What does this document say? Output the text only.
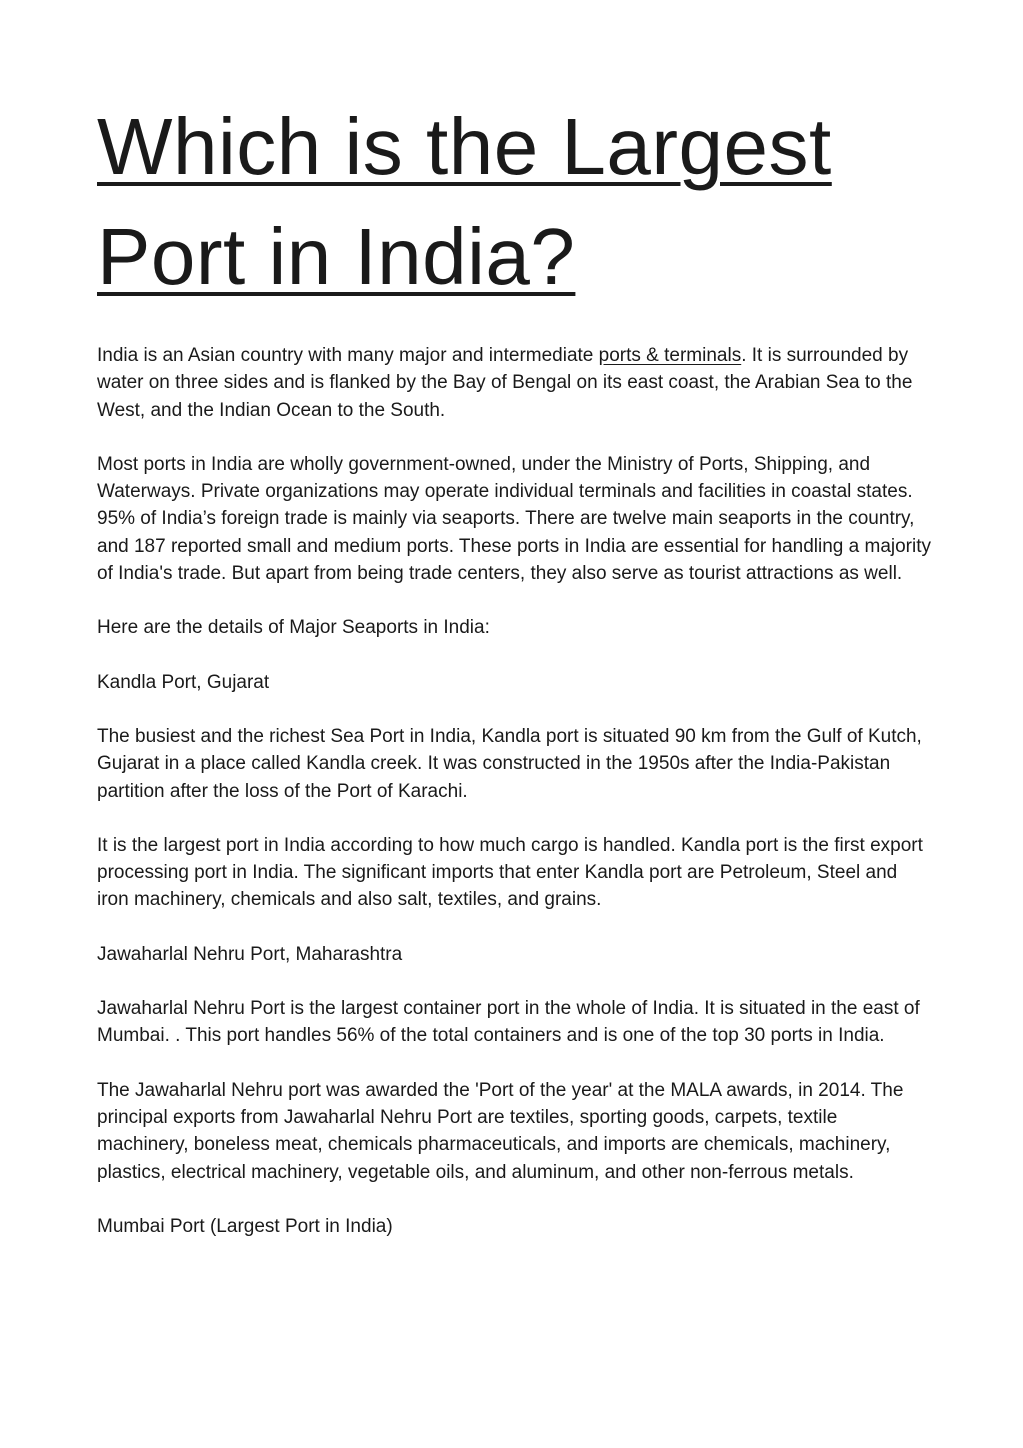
Which is the Largest
Port in India?

India is an Asian country with many major and intermediate ports & terminals. It is surrounded by water on three sides and is flanked by the Bay of Bengal on its east coast, the Arabian Sea to the West, and the Indian Ocean to the South.

Most ports in India are wholly government-owned, under the Ministry of Ports, Shipping, and Waterways. Private organizations may operate individual terminals and facilities in coastal states. 95% of India’s foreign trade is mainly via seaports. There are twelve main seaports in the country, and 187 reported small and medium ports. These ports in India are essential for handling a majority of India's trade. But apart from being trade centers, they also serve as tourist attractions as well.

Here are the details of Major Seaports in India:

Kandla Port, Gujarat

The busiest and the richest Sea Port in India, Kandla port is situated 90 km from the Gulf of Kutch, Gujarat in a place called Kandla creek. It was constructed in the 1950s after the India-Pakistan partition after the loss of the Port of Karachi.

It is the largest port in India according to how much cargo is handled. Kandla port is the first export processing port in India. The significant imports that enter Kandla port are Petroleum, Steel and iron machinery, chemicals and also salt, textiles, and grains.

Jawaharlal Nehru Port, Maharashtra

Jawaharlal Nehru Port is the largest container port in the whole of India. It is situated in the east of Mumbai. . This port handles 56% of the total containers and is one of the top 30 ports in India.

The Jawaharlal Nehru port was awarded the 'Port of the year' at the MALA awards, in 2014. The principal exports from Jawaharlal Nehru Port are textiles, sporting goods, carpets, textile machinery, boneless meat, chemicals pharmaceuticals, and imports are chemicals, machinery, plastics, electrical machinery, vegetable oils, and aluminum, and other non-ferrous metals.

Mumbai Port (Largest Port in India)
